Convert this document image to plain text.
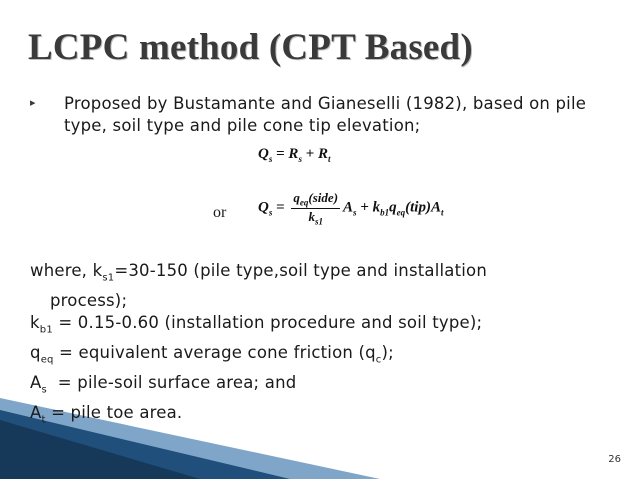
LCPC method (CPT Based)
▸ Proposed by Bustamante and Gianeselli (1982), based on pile type, soil type and pile cone tip elevation;
$Q_s = R_s + R_t$
or $Q_s = \frac{q_{eq}(side)}{k_{s1}} A_s + k_{b1}q_{eq}(tip)A_t$
where, $k_{s1}=30-150$ (pile type,soil type and installation
process);
$k_{b1} = 0.15-0.60$ (installation procedure and soil type);
$q_{eq}$ = equivalent average cone friction $(q_c)$;
$A_s$  = pile-soil surface area; and
$A_t$ = pile toe area.
26
